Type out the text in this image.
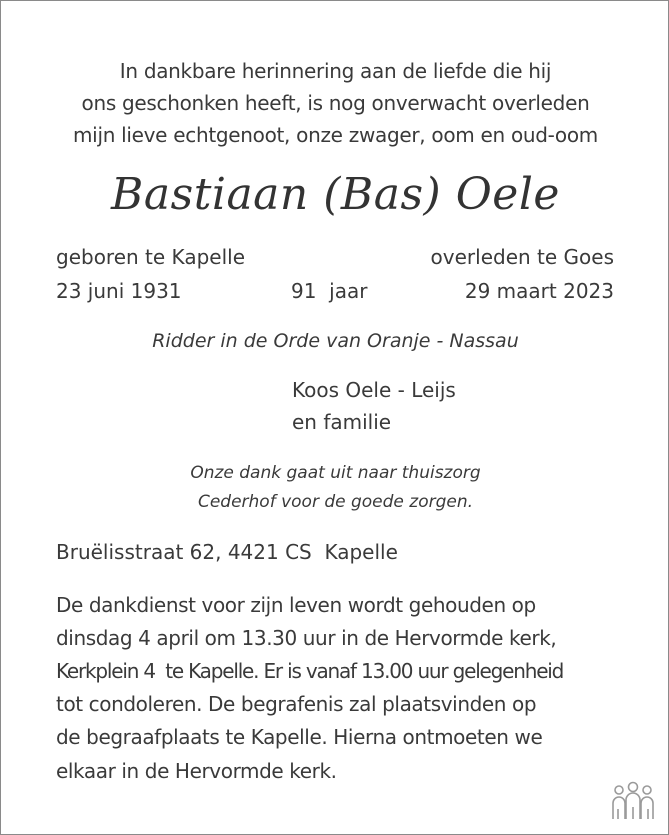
In dankbare herinnering aan de liefde die hij
ons geschonken heeft, is nog onverwacht overleden
mijn lieve echtgenoot, onze zwager, oom en oud-oom
Bastiaan (Bas) Oele
geboren te Kapelle	overleden te Goes
23 juni 1931	91  jaar	29 maart 2023
Ridder in de Orde van Oranje - Nassau
Koos Oele - Leijs
en familie
Onze dank gaat uit naar thuiszorg
Cederhof voor de goede zorgen.
Bruëlisstraat 62, 4421 CS  Kapelle
De dankdienst voor zijn leven wordt gehouden op
dinsdag 4 april om 13.30 uur in de Hervormde kerk,
Kerkplein 4  te Kapelle. Er is vanaf 13.00 uur gelegenheid
tot condoleren. De begrafenis zal plaatsvinden op
de begraafplaats te Kapelle. Hierna ontmoeten we
elkaar in de Hervormde kerk.
